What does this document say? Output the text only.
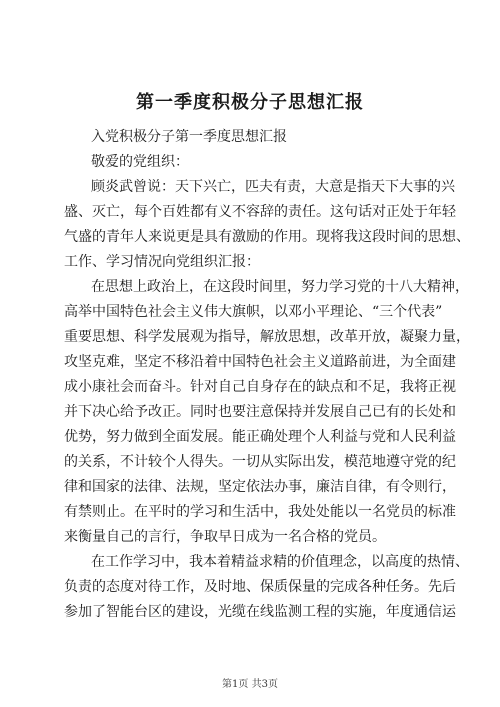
第一季度积极分子思想汇报

入党积极分子第一季度思想汇报

敬爱的党组织：

顾炎武曾说：天下兴亡，匹夫有责，大意是指天下大事的兴

盛、灭亡，每个百姓都有义不容辞的责任。这句话对正处于年轻

气盛的青年人来说更是具有激励的作用。现将我这段时间的思想、

工作、学习情况向党组织汇报：

在思想上政治上，在这段时间里，努力学习党的十八大精神，

高举中国特色社会主义伟大旗帜，以邓小平理论、“三个代表”

重要思想、科学发展观为指导，解放思想，改革开放，凝聚力量，

攻坚克难，坚定不移沿着中国特色社会主义道路前进，为全面建

成小康社会而奋斗。针对自己自身存在的缺点和不足，我将正视

并下决心给予改正。同时也要注意保持并发展自己已有的长处和

优势，努力做到全面发展。能正确处理个人利益与党和人民利益

的关系，不计较个人得失。一切从实际出发，模范地遵守党的纪

律和国家的法律、法规，坚定依法办事，廉洁自律，有令则行，

有禁则止。在平时的学习和生活中，我处处能以一名党员的标准

来衡量自己的言行，争取早日成为一名合格的党员。

在工作学习中，我本着精益求精的价值理念，以高度的热情、

负责的态度对待工作，及时地、保质保量的完成各种任务。先后

参加了智能台区的建设，光缆在线监测工程的实施，年度通信运

第1页 共3页
